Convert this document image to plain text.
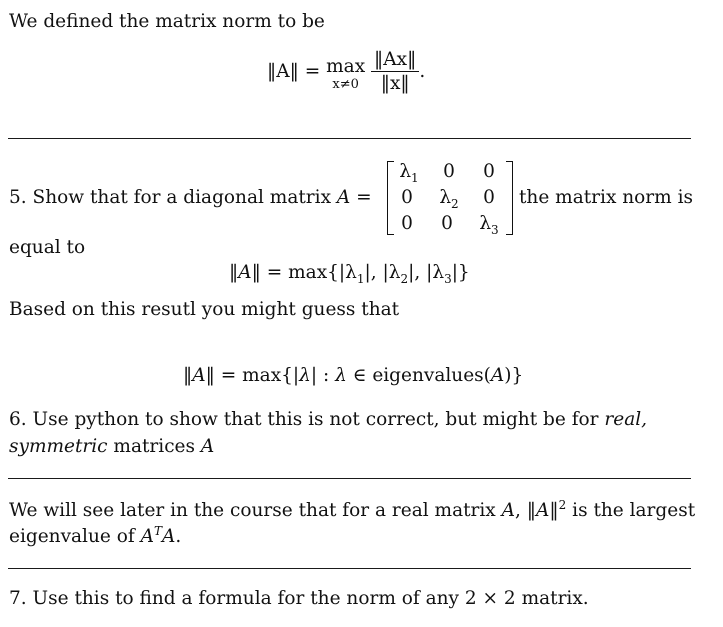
We defined the matrix norm to be
‖A‖ = max
x≠0
$\frac{‖Ax‖}{‖x‖}$ .
5. Show that for a diagonal matrix A =
$\lambda_1$	0	0
0	$\lambda_2$	0
0	0	$\lambda_3$
the matrix norm is
equal to
‖A‖ = $\max\{|\lambda_1|$, $|\lambda_2|$, $|\lambda_3|$}
Based on this resutl you might guess that
‖A‖ = max{|λ| : λ ∈ eigenvalues(A)}
6. Use python to show that this is not correct, but might be for real,
symmetric matrices A
We will see later in the course that for a real matrix A, ‖A‖$^2$ is the largest
eigenvalue of $A^TA$.
7. Use this to find a formula for the norm of any 2 × 2 matrix.
